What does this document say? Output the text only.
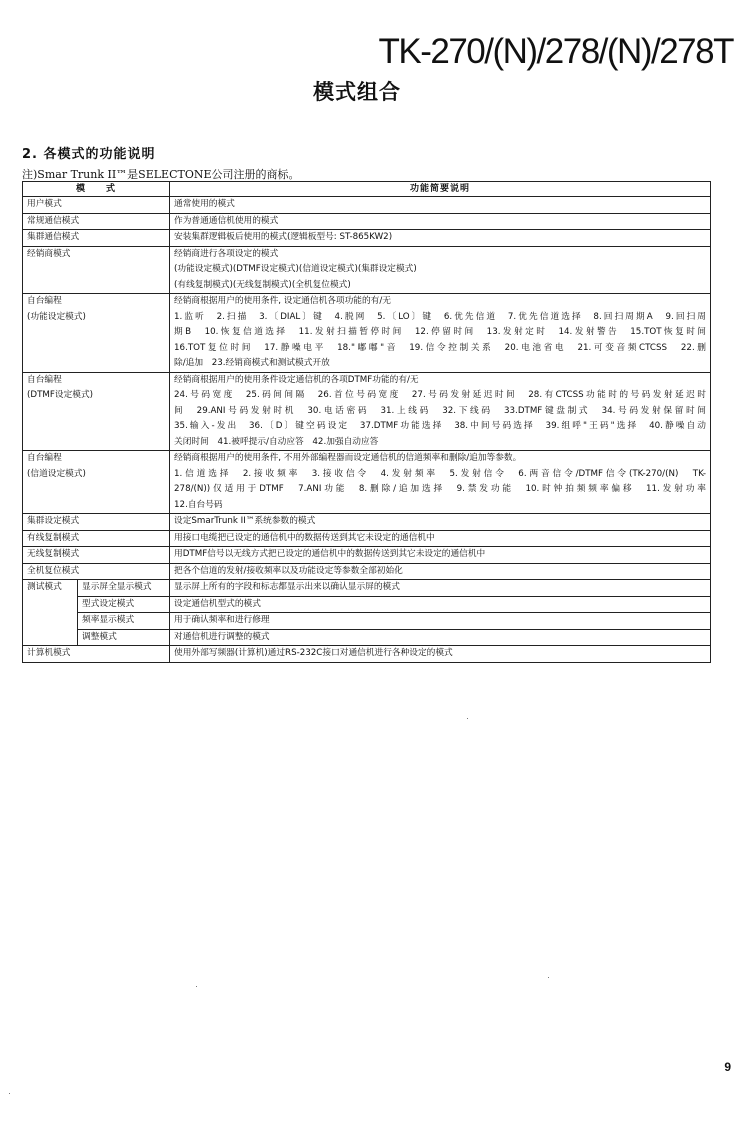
TK-270/(N)/278/(N)/278T
模式组合
2. 各模式的功能说明
注)Smar Trunk II™是SELECTONE公司注册的商标。
模　　式		功能简要说明
用户模式		通常使用的模式

常规通信模式		作为普通通信机使用的模式

集群通信模式		安装集群逻辑板后使用的模式(逻辑板型号: ST-865KW2)

经销商模式		经销商进行各项设定的模式
(功能设定模式)(DTMF设定模式)(信道设定模式)(集群设定模式)
(有线复制模式)(无线复制模式)(全机复位模式)

自台编程
(功能设定模式)		经销商根据用户的使用条件, 设定通信机各项功能的有/无
1.监听　2.扫描　3.〔DIAL〕键　4.脱网　5.〔LO〕键　6.优先信道　7.优先信道选择　8.回扫周期A　9.回扫周
期B　10.恢复信道选择　11.发射扫描暂停时间　12.停留时间　13.发射定时　14.发射警告　15.TOT恢复时间
16.TOT复位时间　17.静噪电平　18."嘟嘟"音　19.信令控制关系　20.电池省电　21.可变音频CTCSS　22.删
除/追加　23.经销商模式和测试模式开放

自台编程
(DTMF设定模式)		经销商根据用户的使用条件设定通信机的各项DTMF功能的有/无
24.号码宽度　25.码间间隔　26.首位号码宽度　27.号码发射延迟时间　28.有CTCSS功能时的号码发射延迟时
间　29.ANI号码发射时机　30.电话密码　31.上线码　32.下线码　33.DTMF键盘制式　34.号码发射保留时间
35.输入-发出　36.〔D〕键空码设定　37.DTMF功能选择　38.中间号码选择　39.组呼"王码"选择　40.静噪自动
关闭时间　41.被呼提示/自动应答　42.加强自动应答

自台编程
(信道设定模式)		经销商根据用户的使用条件, 不用外部编程器而设定通信机的信道频率和删除/追加等参数。
1.信道选择　2.接收频率　3.接收信令　4.发射频率　5.发射信令　6.两音信令/DTMF信令(TK-270/(N)　TK-
278/(N))仅适用于DTMF　7.ANI功能　8.删除/追加选择　9.禁发功能　10.时钟拍频频率偏移　11.发射功率
12.自台号码

集群设定模式		设定SmarTrunk II™系统参数的模式

有线复制模式		用接口电缆把已设定的通信机中的数据传送到其它未设定的通信机中

无线复制模式		用DTMF信号以无线方式把已设定的通信机中的数据传送到其它未设定的通信机中

全机复位模式		把各个信道的发射/接收频率以及功能设定等参数全部初始化

测试模式	显示屏全显示模式	显示屏上所有的字段和标志都显示出来以确认显示屏的模式

	型式设定模式	设定通信机型式的模式

	频率显示模式	用于确认频率和进行修理

	调整模式	对通信机进行调整的模式

计算机模式		使用外部写频器(计算机)通过RS-232C接口对通信机进行各种设定的模式
9
